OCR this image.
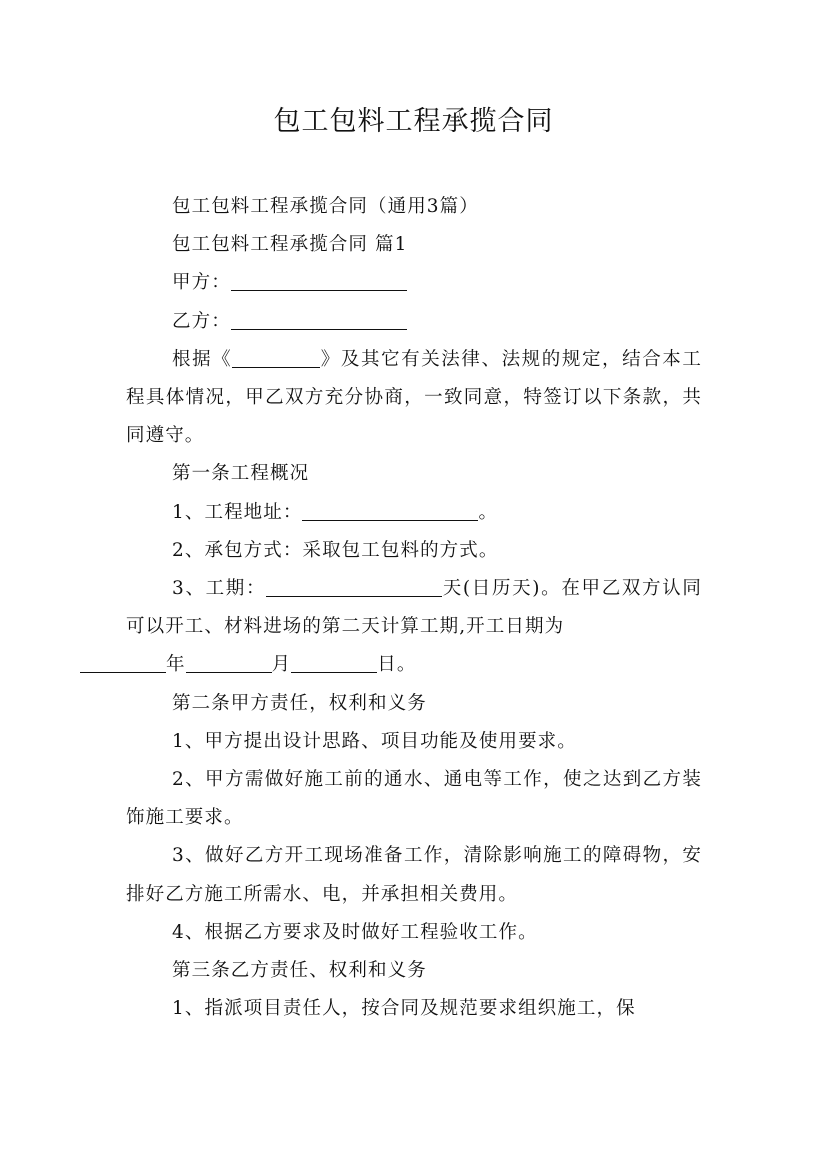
包工包料工程承揽合同

包工包料工程承揽合同（通用3篇）

包工包料工程承揽合同 篇1

甲方：

乙方：

根据《	》及其它有关法律、法规的规定，结合本工程具体情况，甲乙双方充分协商，一致同意，特签订以下条款，共同遵守。

第一条工程概况

1、工程地址：	。

2、承包方式：采取包工包料的方式。

3、工期：	天(日历天)。在甲乙双方认同可以开工、材料进场的第二天计算工期,开工日期为
年	月	日。

第二条甲方责任，权利和义务

1、甲方提出设计思路、项目功能及使用要求。

2、甲方需做好施工前的通水、通电等工作，使之达到乙方装饰施工要求。

3、做好乙方开工现场准备工作，清除影响施工的障碍物，安排好乙方施工所需水、电，并承担相关费用。

4、根据乙方要求及时做好工程验收工作。

第三条乙方责任、权利和义务

1、指派项目责任人，按合同及规范要求组织施工，保
